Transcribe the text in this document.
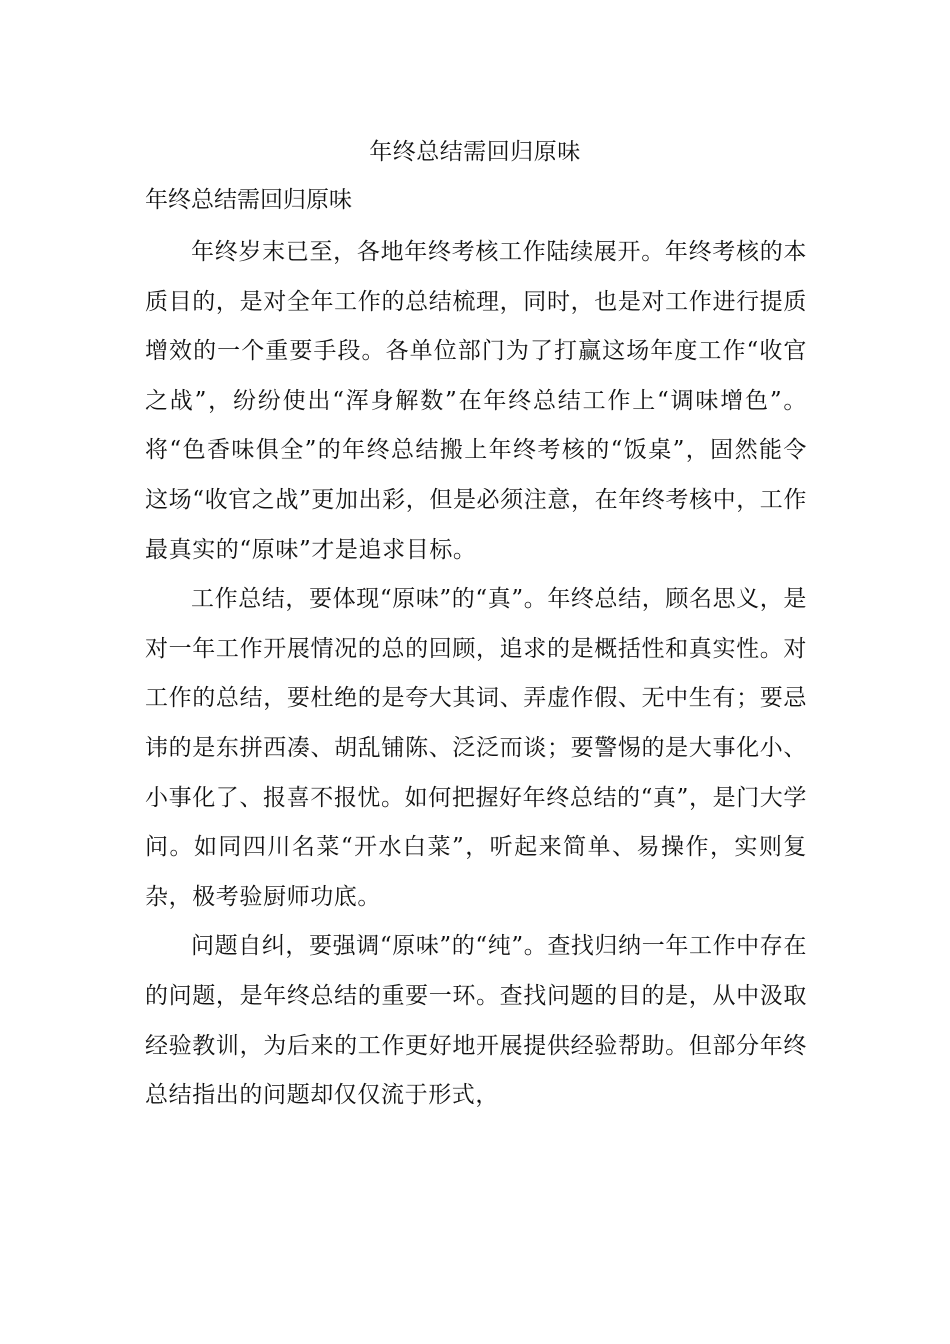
年终总结需回归原味
年终总结需回归原味

年终岁末已至，各地年终考核工作陆续展开。年终考核的本质目的，是对全年工作的总结梳理，同时，也是对工作进行提质增效的一个重要手段。各单位部门为了打赢这场年度工作“收官之战”，纷纷使出“浑身解数”在年终总结工作上“调味增色”。将“色香味俱全”的年终总结搬上年终考核的“饭桌”，固然能令这场“收官之战”更加出彩，但是必须注意，在年终考核中，工作最真实的“原味”才是追求目标。

工作总结，要体现“原味”的“真”。年终总结，顾名思义，是对一年工作开展情况的总的回顾，追求的是概括性和真实性。对工作的总结，要杜绝的是夸大其词、弄虚作假、无中生有；要忌讳的是东拼西凑、胡乱铺陈、泛泛而谈；要警惕的是大事化小、小事化了、报喜不报忧。如何把握好年终总结的“真”，是门大学问。如同四川名菜“开水白菜”，听起来简单、易操作，实则复杂，极考验厨师功底。

问题自纠，要强调“原味”的“纯”。查找归纳一年工作中存在的问题，是年终总结的重要一环。查找问题的目的是，从中汲取经验教训，为后来的工作更好地开展提供经验帮助。但部分年终总结指出的问题却仅仅流于形式，
